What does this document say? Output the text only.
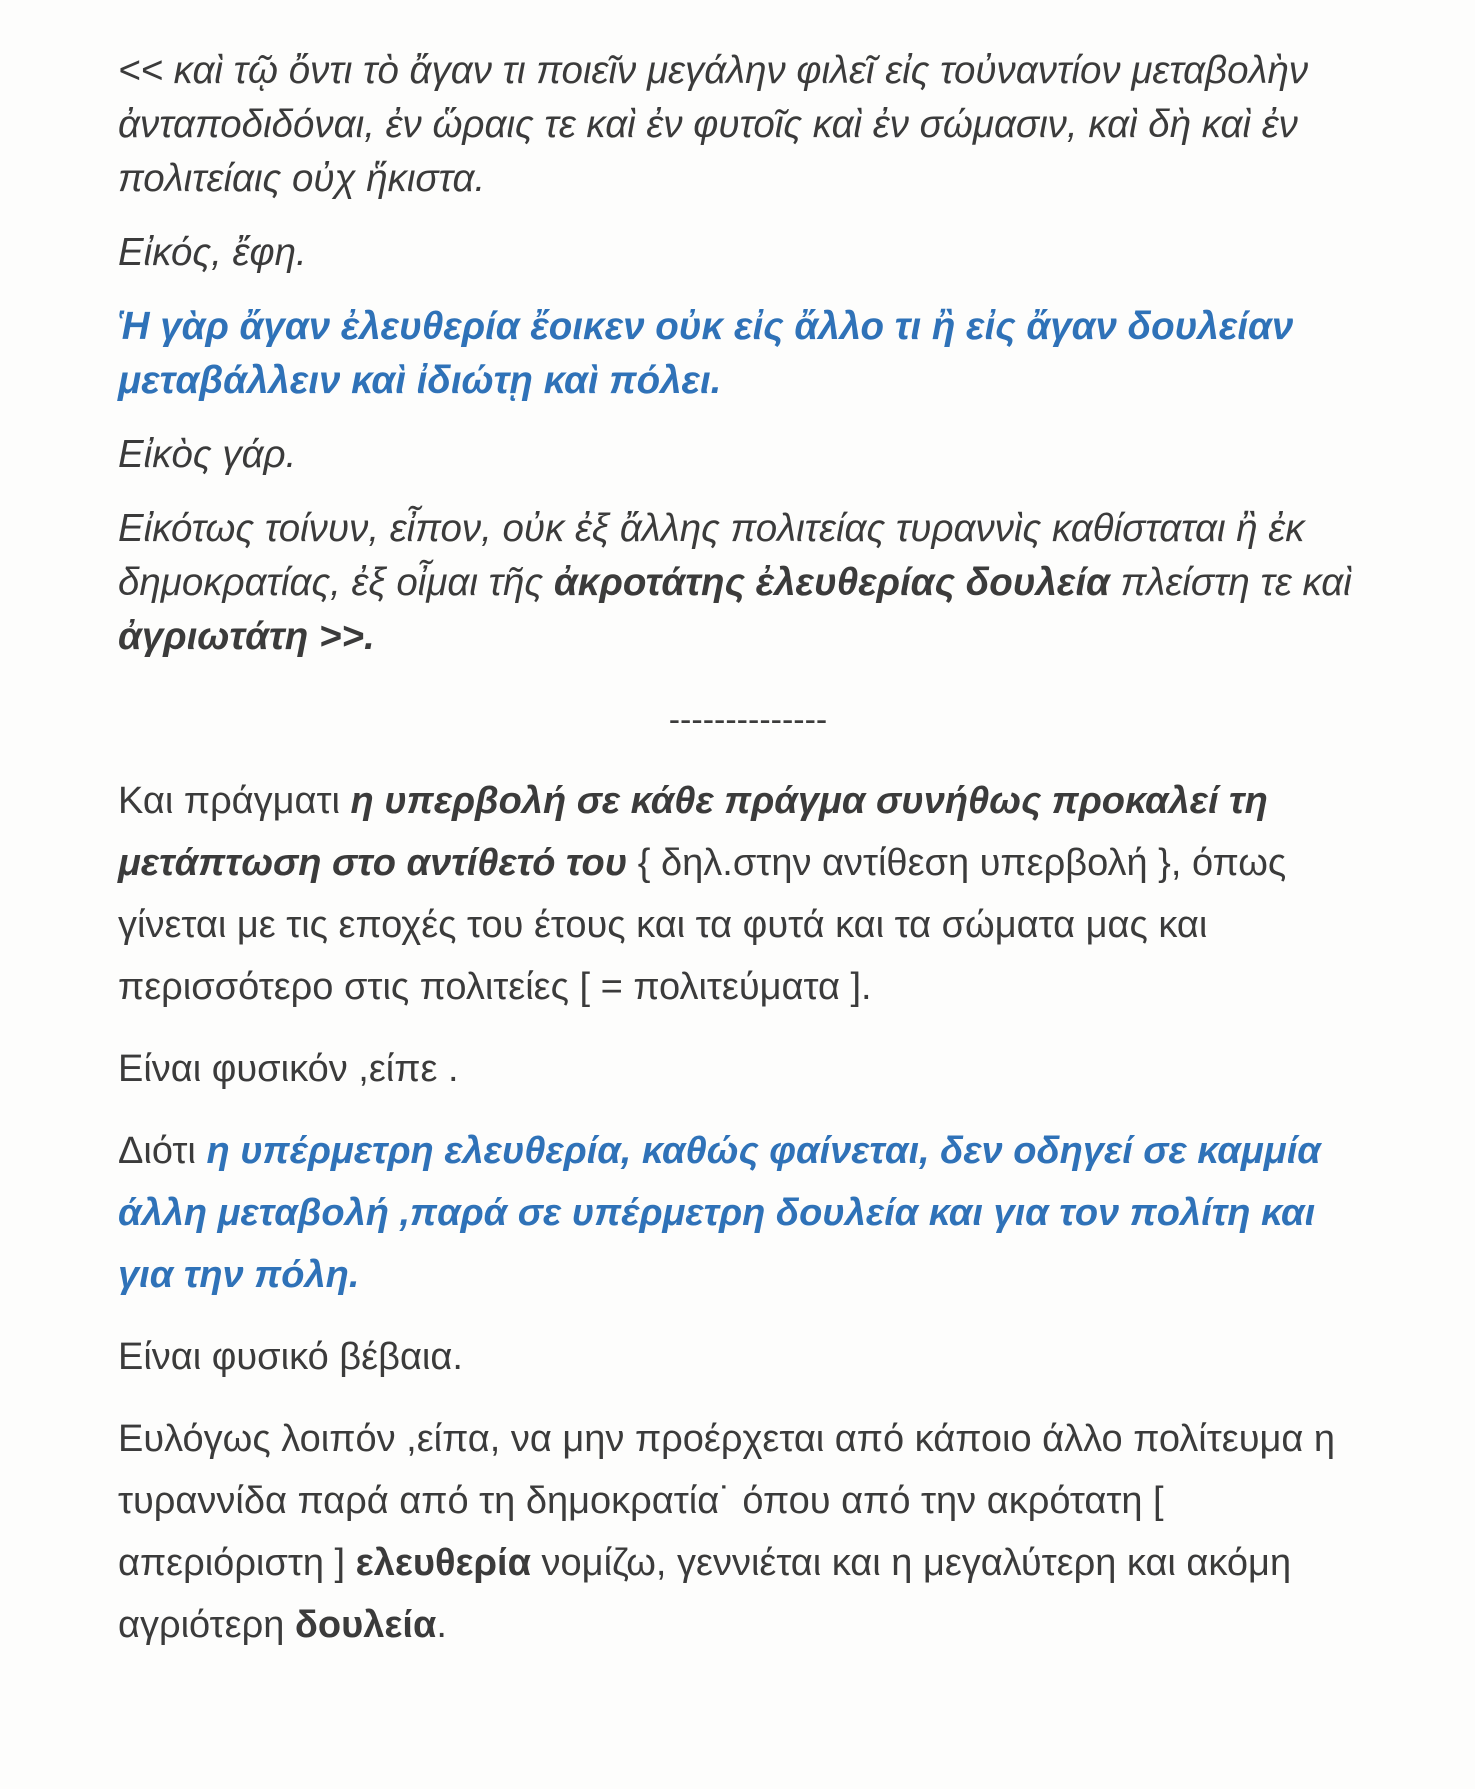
<< καὶ τῷ ὄντι τὸ ἄγαν τι ποιεῖν μεγάλην φιλεῖ εἰς τοὐναντίον μεταβολὴν ἀνταποδιδόναι, ἐν ὥραις τε καὶ ἐν φυτοῖς καὶ ἐν σώμασιν, καὶ δὴ καὶ ἐν πολιτείαις οὐχ ἥκιστα.

Εἰκός, ἔφη.

Ἡ γὰρ ἄγαν ἐλευθερία ἔοικεν οὐκ εἰς ἄλλο τι ἢ εἰς ἄγαν δουλείαν μεταβάλλειν καὶ ἰδιώτῃ καὶ πόλει.

Εἰκὸς γάρ.

Εἰκότως τοίνυν, εἶπον, οὐκ ἐξ ἄλλης πολιτείας τυραννὶς καθίσταται ἢ ἐκ δημοκρατίας, ἐξ οἶμαι τῆς ἀκροτάτης ἐλευθερίας δουλεία πλείστη τε καὶ ἀγριωτάτη >>.

--------------

Και πράγματι η υπερβολή σε κάθε πράγμα συνήθως προκαλεί τη μετάπτωση στο αντίθετό του { δηλ.στην αντίθεση υπερβολή }, όπως γίνεται με τις εποχές του έτους και τα φυτά και τα σώματα μας και περισσότερο στις πολιτείες [ = πολιτεύματα ].

Είναι φυσικόν ,είπε .

Διότι η υπέρμετρη ελευθερία, καθώς φαίνεται, δεν οδηγεί σε καμμία άλλη μεταβολή ,παρά σε υπέρμετρη δουλεία και για τον πολίτη και για την πόλη.

Είναι φυσικό βέβαια.

Ευλόγως λοιπόν ,είπα, να μην προέρχεται από κάποιο άλλο πολίτευμα η τυραννίδα παρά από τη δημοκρατία˙ όπου από την ακρότατη [ απεριόριστη ] ελευθερία νομίζω, γεννιέται και η μεγαλύτερη και ακόμη αγριότερη δουλεία.
